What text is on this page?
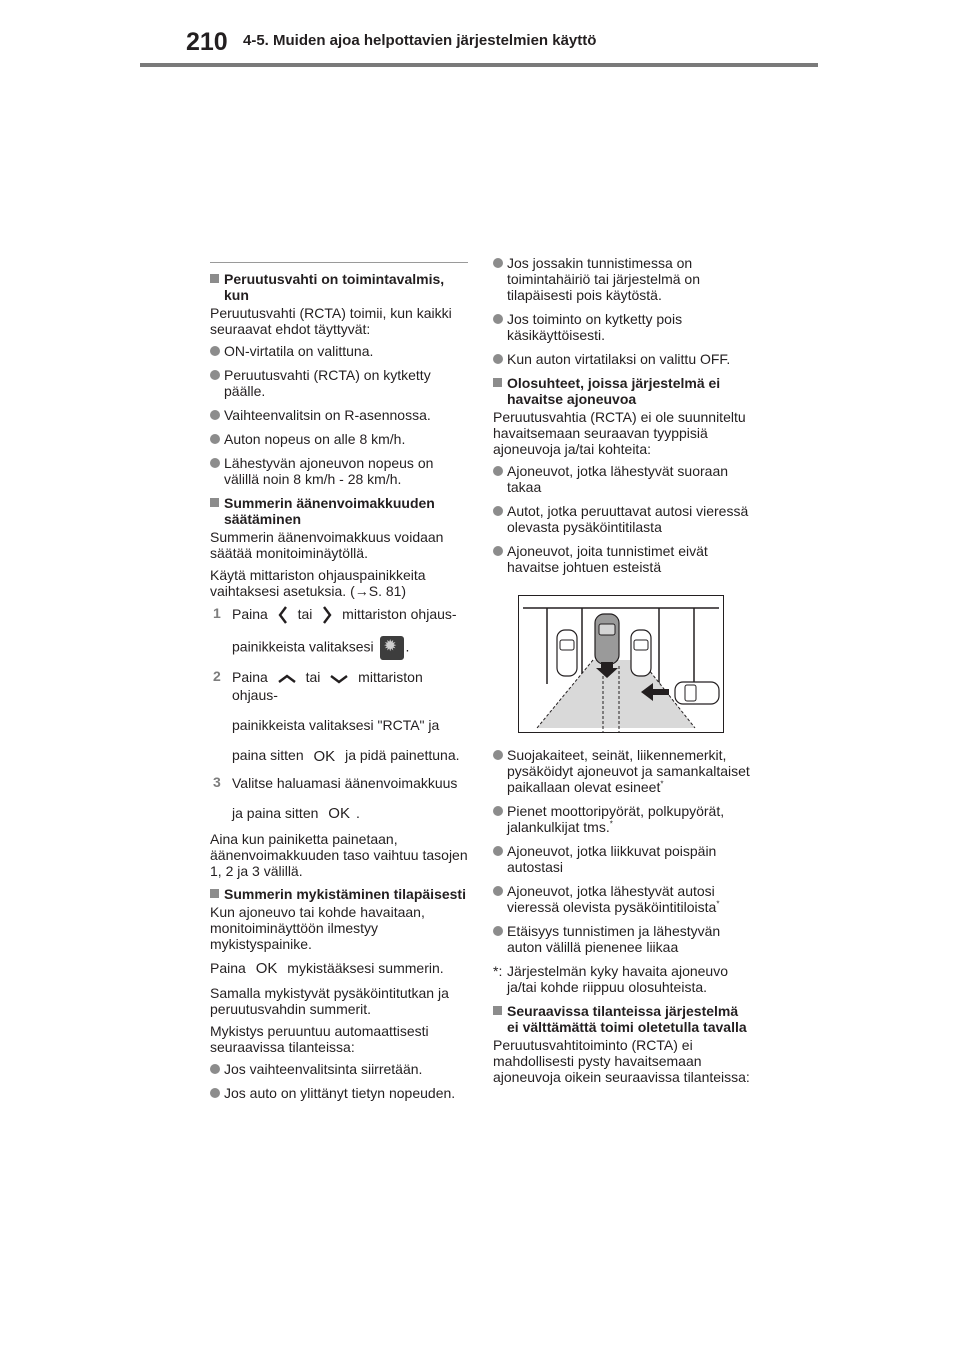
210 4-5. Muiden ajoa helpottavien järjestelmien käyttö
Peruutusvahti on toimintavalmis, kun

Peruutusvahti (RCTA) toimii, kun kaikki seuraavat ehdot täyttyvät:

ON-virtatila on valittuna.
Peruutusvahti (RCTA) on kytketty päälle.
Vaihteenvalitsin on R-asennossa.
Auton nopeus on alle 8 km/h.
Lähestyvän ajoneuvon nopeus on välillä noin 8 km/h - 28 km/h.
Summerin äänenvoimakkuuden säätäminen

Summerin äänenvoimakkuus voidaan säätää monitoiminäytöllä.

Käytä mittariston ohjauspainikkeita vaihtaksesi asetuksia. (→S. 81)

1 Paina tai mittariston ohjaus-
painikkeista valitaksesi ✹ .
2 Paina	tai	mittariston ohjaus-
painikkeista valitaksesi "RCTA" ja
paina sitten OK ja pidä painettuna.
3 Valitse haluamasi äänenvoimakkuus
ja paina sitten OK .

Aina kun painiketta painetaan, äänenvoimakkuuden taso vaihtuu tasojen 1, 2 ja 3 välillä.

Summerin mykistäminen tilapäisesti

Kun ajoneuvo tai kohde havaitaan, monitoiminäyttöön ilmestyy mykistyspainike.

Paina OK mykistääksesi summerin.

Samalla mykistyvät pysäköintitutkan ja peruutusvahdin summerit.

Mykistys peruuntuu automaattisesti seuraavissa tilanteissa:

Jos vaihteenvalitsinta siirretään.
Jos auto on ylittänyt tietyn nopeuden.
Jos jossakin tunnistimessa on toimintahäiriö tai järjestelmä on tilapäisesti pois käytöstä.
Jos toiminto on kytketty pois käsikäyttöisesti.
Kun auton virtatilaksi on valittu OFF.
Olosuhteet, joissa järjestelmä ei havaitse ajoneuvoa

Peruutusvahtia (RCTA) ei ole suunniteltu havaitsemaan seuraavan tyyppisiä ajoneuvoja ja/tai kohteita:

Ajoneuvot, jotka lähestyvät suoraan takaa
Autot, jotka peruuttavat autosi vieressä olevasta pysäköintitilasta
Ajoneuvot, joita tunnistimet eivät havaitse johtuen esteistä
Suojakaiteet, seinät, liikennemerkit, pysäköidyt ajoneuvot ja samankaltaiset paikallaan olevat esineet*
Pienet moottoripyörät, polkupyörät, jalankulkijat tms.*
Ajoneuvot, jotka liikkuvat poispäin autostasi
Ajoneuvot, jotka lähestyvät autosi vieressä olevista pysäköintitiloista*
Etäisyys tunnistimen ja lähestyvän auton välillä pienenee liikaa
*: Järjestelmän kyky havaita ajoneuvo ja/tai kohde riippuu olosuhteista.
Seuraavissa tilanteissa järjestelmä ei välttämättä toimi oletetulla tavalla

Peruutusvahtitoiminto (RCTA) ei mahdollisesti pysty havaitsemaan ajoneuvoja oikein seuraavissa tilanteissa:
